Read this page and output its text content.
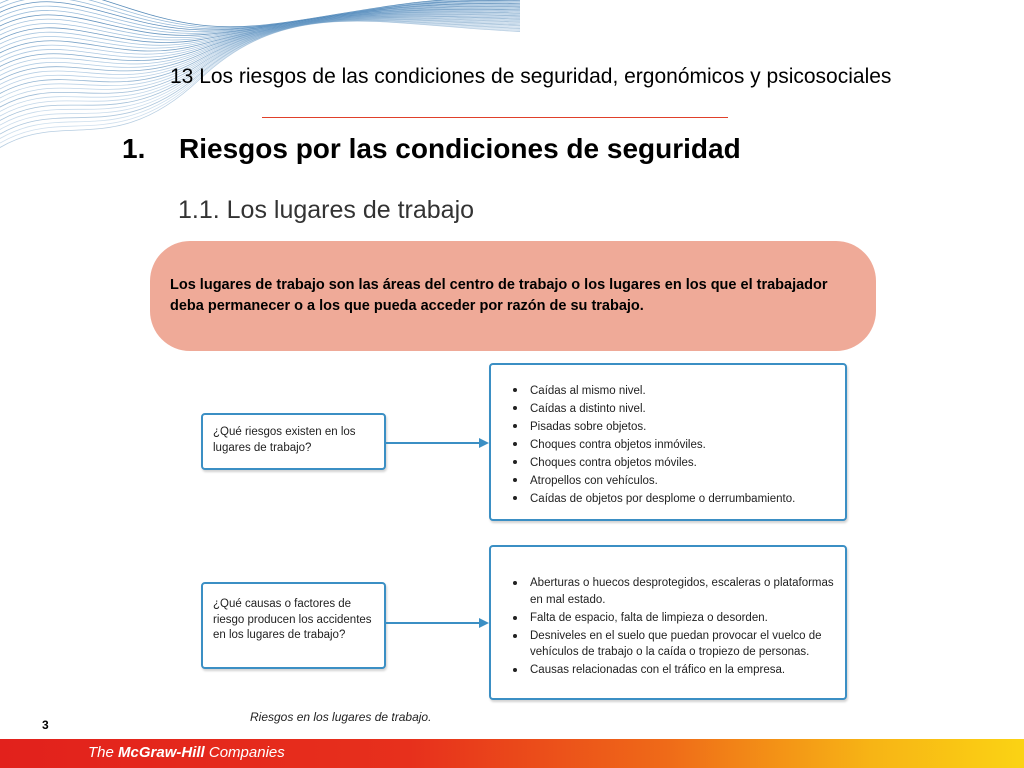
13 Los riesgos de las condiciones de seguridad, ergonómicos y psicosociales
1. Riesgos por las condiciones de seguridad
1.1. Los lugares de trabajo

Los lugares de trabajo son las áreas del centro de trabajo o los lugares en los que el trabajador deba permanecer o a los que pueda acceder por razón de su trabajo.

¿Qué riesgos existen en los lugares de trabajo?

Caídas al mismo nivel.
Caídas a distinto nivel.
Pisadas sobre objetos.
Choques contra objetos inmóviles.
Choques contra objetos móviles.
Atropellos con vehículos.
Caídas de objetos por desplome o derrumbamiento.

¿Qué causas o factores de riesgo producen los accidentes en los lugares de trabajo?

Aberturas o huecos desprotegidos, escaleras o plataformas en mal estado.
Falta de espacio, falta de limpieza o desorden.
Desniveles en el suelo que puedan provocar el vuelco de vehículos de trabajo o la caída o tropiezo de personas.
Causas relacionadas con el tráfico en la empresa.

Riesgos en los lugares de trabajo.

3

The McGraw-Hill Companies
